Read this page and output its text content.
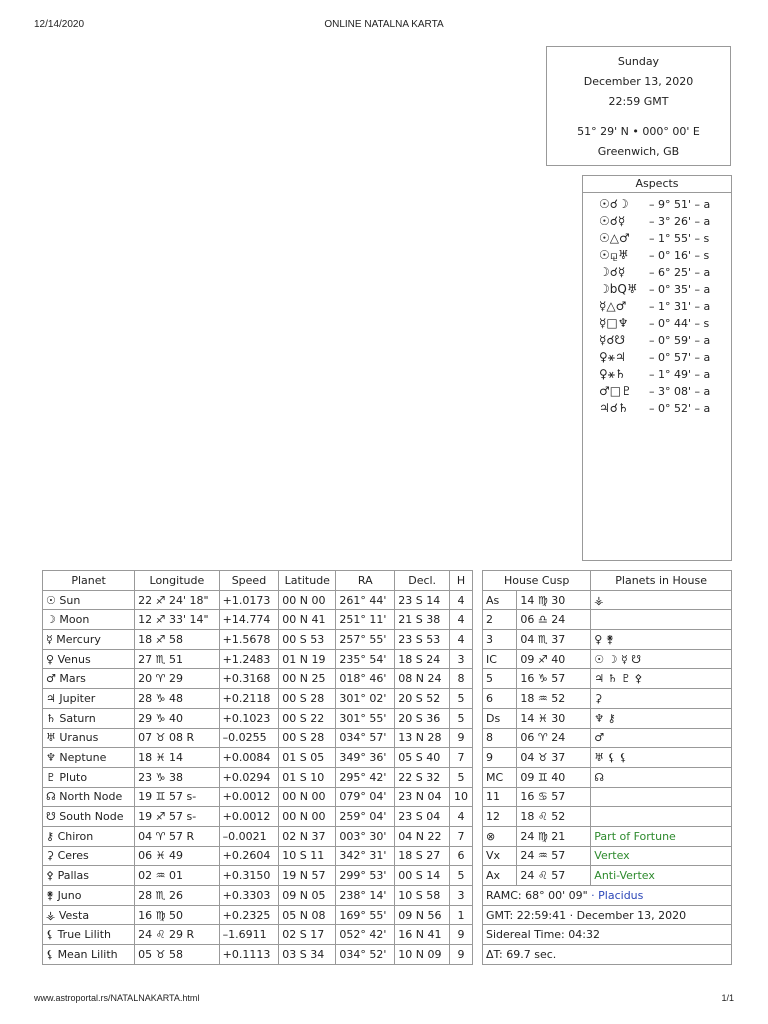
12/14/2020	ONLINE NATALNA KARTA
Sunday
December 13, 2020
22:59 GMT
51° 29' N • 000° 00' E
Greenwich, GB
Aspects
☉☌☽ – 9° 51' – a
☉☌☿ – 3° 26' – a
☉△♂ – 1° 55' – s
☉⚼♅ – 0° 16' – s
☽☌☿ – 6° 25' – a
☽bQ♅ – 0° 35' – a
☿△♂ – 1° 31' – a
☿□♆ – 0° 44' – s
☿☌☋ – 0° 59' – a
♀⚹♃ – 0° 57' – a
♀⚹♄ – 1° 49' – a
♂□♇ – 3° 08' – a
♃☌♄ – 0° 52' – a
Planet	Longitude	Speed	Latitude	RA	Decl.	H
☉ Sun	22 ♐ 24' 18"	+1.0173	00 N 00	261° 44'	23 S 14	4
☽ Moon	12 ♐ 33' 14"	+14.774	00 N 41	251° 11'	21 S 38	4
☿ Mercury	18 ♐ 58	+1.5678	00 S 53	257° 55'	23 S 53	4
♀ Venus	27 ♏ 51	+1.2483	01 N 19	235° 54'	18 S 24	3
♂ Mars	20 ♈ 29	+0.3168	00 N 25	018° 46'	08 N 24	8
♃ Jupiter	28 ♑ 48	+0.2118	00 S 28	301° 02'	20 S 52	5
♄ Saturn	29 ♑ 40	+0.1023	00 S 22	301° 55'	20 S 36	5
♅ Uranus	07 ♉ 08 R	–0.0255	00 S 28	034° 57'	13 N 28	9
♆ Neptune	18 ♓ 14	+0.0084	01 S 05	349° 36'	05 S 40	7
♇ Pluto	23 ♑ 38	+0.0294	01 S 10	295° 42'	22 S 32	5
☊ North Node	19 ♊ 57 s-	+0.0012	00 N 00	079° 04'	23 N 04	10
☋ South Node	19 ♐ 57 s-	+0.0012	00 N 00	259° 04'	23 S 04	4
⚷ Chiron	04 ♈ 57 R	–0.0021	02 N 37	003° 30'	04 N 22	7
⚳ Ceres	06 ♓ 49	+0.2604	10 S 11	342° 31'	18 S 27	6
⚴ Pallas	02 ♒ 01	+0.3150	19 N 57	299° 53'	00 S 14	5
⚵ Juno	28 ♏ 26	+0.3303	09 N 05	238° 14'	10 S 58	3
⚶ Vesta	16 ♍ 50	+0.2325	05 N 08	169° 55'	09 N 56	1
⚸ True Lilith	24 ♌ 29 R	–1.6911	02 S 17	052° 42'	16 N 41	9
⚸ Mean Lilith	05 ♉ 58	+0.1113	03 S 34	034° 52'	10 N 09	9
House Cusp		Planets in House
As	14 ♍ 30	⚶
2	06 ♎ 24	
3	04 ♏ 37	♀ ⚵
IC	09 ♐ 40	☉ ☽ ☿ ☋
5	16 ♑ 57	♃ ♄ ♇ ⚴
6	18 ♒ 52	⚳
Ds	14 ♓ 30	♆ ⚷
8	06 ♈ 24	♂
9	04 ♉ 37	♅ ⚸ ⚸
MC	09 ♊ 40	☊
11	16 ♋ 57	
12	18 ♌ 52	
⊗	24 ♍ 21	Part of Fortune
Vx	24 ♒ 57	Vertex
Ax	24 ♌ 57	Anti-Vertex
RAMC: 68° 00' 09" · Placidus		
GMT: 22:59:41 · December 13, 2020		
Sidereal Time: 04:32		
ΔT: 69.7 sec.		
www.astroportal.rs/NATALNAKARTA.html	1/1
